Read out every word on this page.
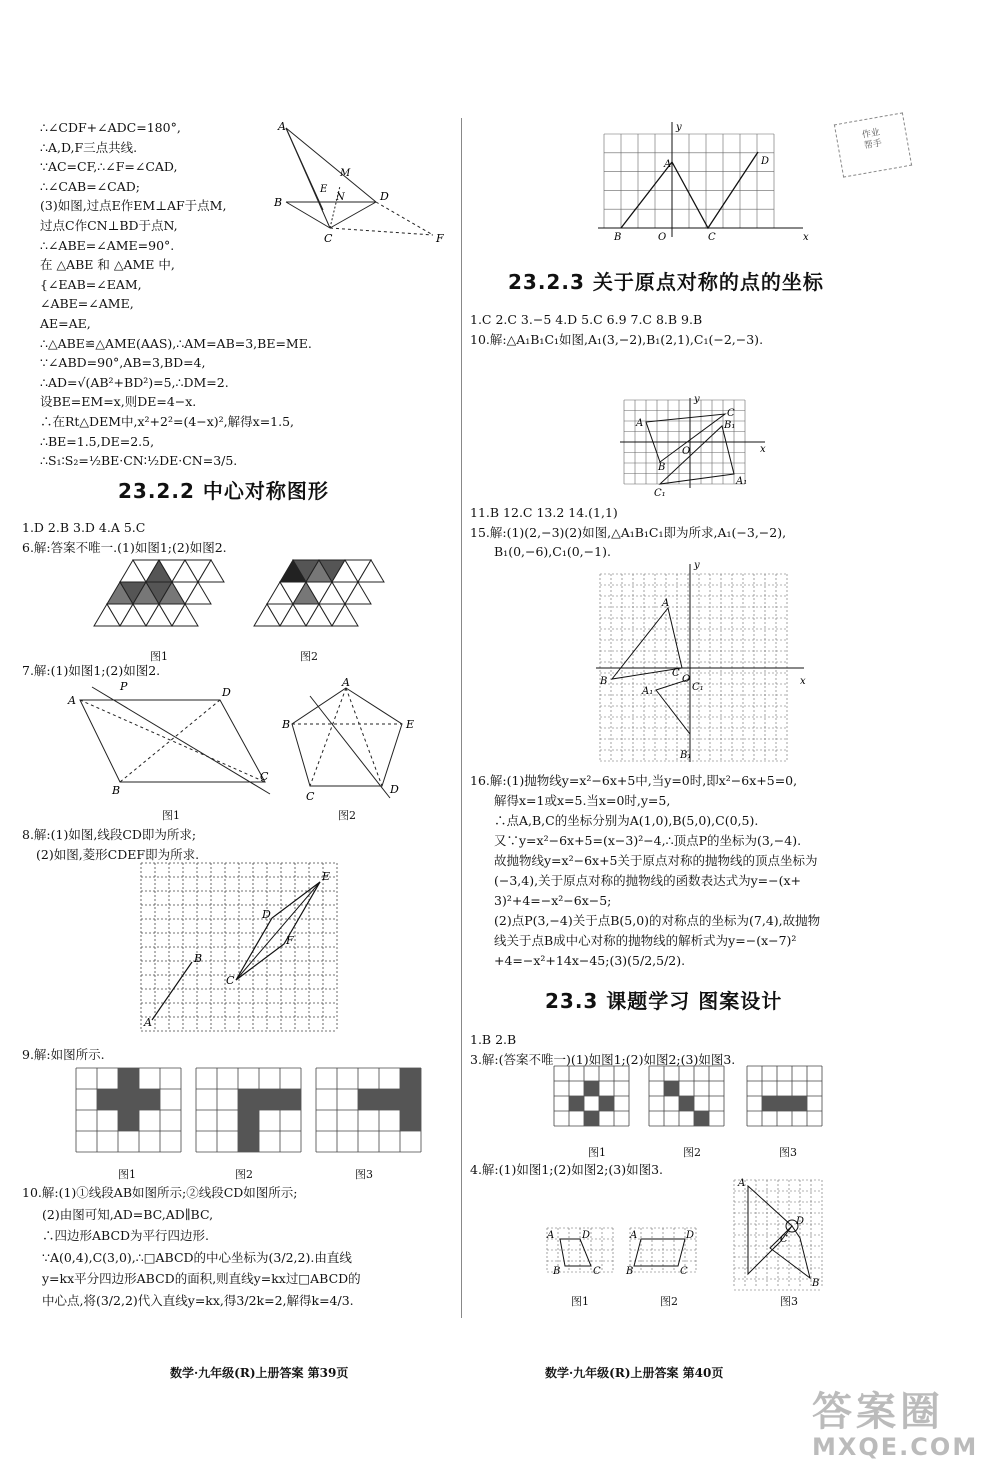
∴∠CDF+∠ADC=180°,
∴A,D,F三点共线.
∵AC=CF,∴∠F=∠CAD,
∴∠CAB=∠CAD;
(3)如图,过点E作EM⊥AF于点M,
过点C作CN⊥BD于点N,
∴∠ABE=∠AME=90°.
在 △ABE 和 △AME 中,
{∠EAB=∠EAM,
∠ABE=∠AME,
AE=AE,
∴△ABE≌△AME(AAS),∴AM=AB=3,BE=ME.
∵∠ABD=90°,AB=3,BD=4,
∴AD=√(AB²+BD²)=5,∴DM=2.
设BE=EM=x,则DE=4−x.
∴在Rt△DEM中,x²+2²=(4−x)²,解得x=1.5,
∴BE=1.5,DE=2.5,
∴S₁∶S₂=½BE·CN∶½DE·CN=3/5.
A
M
E
N
B	D
C	F
23.2.2 中心对称图形
1.D 2.B 3.D 4.A 5.C
6.解:答案不唯一.(1)如图1;(2)如图2.
图1	图2
7.解:(1)如图1;(2)如图2.
A
P	D
B
C
A
B	E
C
D
图1	图2
8.解:(1)如图,线段CD即为所求;
(2)如图,菱形CDEF即为所求.
E
D
F
B
C
A
9.解:如图所示.
图1	图2	图3
10.解:(1)①线段AB如图所示;②线段CD如图所示;
(2)由图可知,AD=BC,AD∥BC,
∴四边形ABCD为平行四边形.
∵A(0,4),C(3,0),∴□ABCD的中心坐标为(3/2,2).由直线
y=kx平分四边形ABCD的面积,则直线y=kx过□ABCD的
中心点,将(3/2,2)代入直线y=kx,得3/2k=2,解得k=4/3.
y
A	D
B	O	C	x
作业
帮手
23.2.3 关于原点对称的点的坐标
1.C 2.C 3.−5 4.D 5.C 6.9 7.C 8.B 9.B
10.解:△A₁B₁C₁如图,A₁(3,−2),B₁(2,1),C₁(−2,−3).
y
A
C
B₁
x
B
O
C₁
A₁
11.B 12.C 13.2 14.(1,1)
15.解:(1)(2,−3)(2)如图,△A₁B₁C₁即为所求,A₁(−3,−2),
B₁(0,−6),C₁(0,−1).
y
A
B
C
O	x
A₁	C₁
B₁
16.解:(1)抛物线y=x²−6x+5中,当y=0时,即x²−6x+5=0,
解得x=1或x=5.当x=0时,y=5,
∴点A,B,C的坐标分别为A(1,0),B(5,0),C(0,5).
又∵y=x²−6x+5=(x−3)²−4,∴顶点P的坐标为(3,−4).
故抛物线y=x²−6x+5关于原点对称的抛物线的顶点坐标为
(−3,4),关于原点对称的抛物线的函数表达式为y=−(x+
3)²+4=−x²−6x−5;
(2)点P(3,−4)关于点B(5,0)的对称点的坐标为(7,4),故抛物
线关于点B成中心对称的抛物线的解析式为y=−(x−7)²
+4=−x²+14x−45;(3)(5/2,5/2).
23.3 课题学习 图案设计
1.B 2.B
3.解:(答案不唯一)(1)如图1;(2)如图2;(3)如图3.
图1	图2	图3
4.解:(1)如图1;(2)如图2;(3)如图3.
A	D
B	C
A	D
B	C
A
D
C
B
图1	图2	图3
数学·九年级(R)上册答案 第39页	数学·九年级(R)上册答案 第40页
答案圈
MXQE.COM
